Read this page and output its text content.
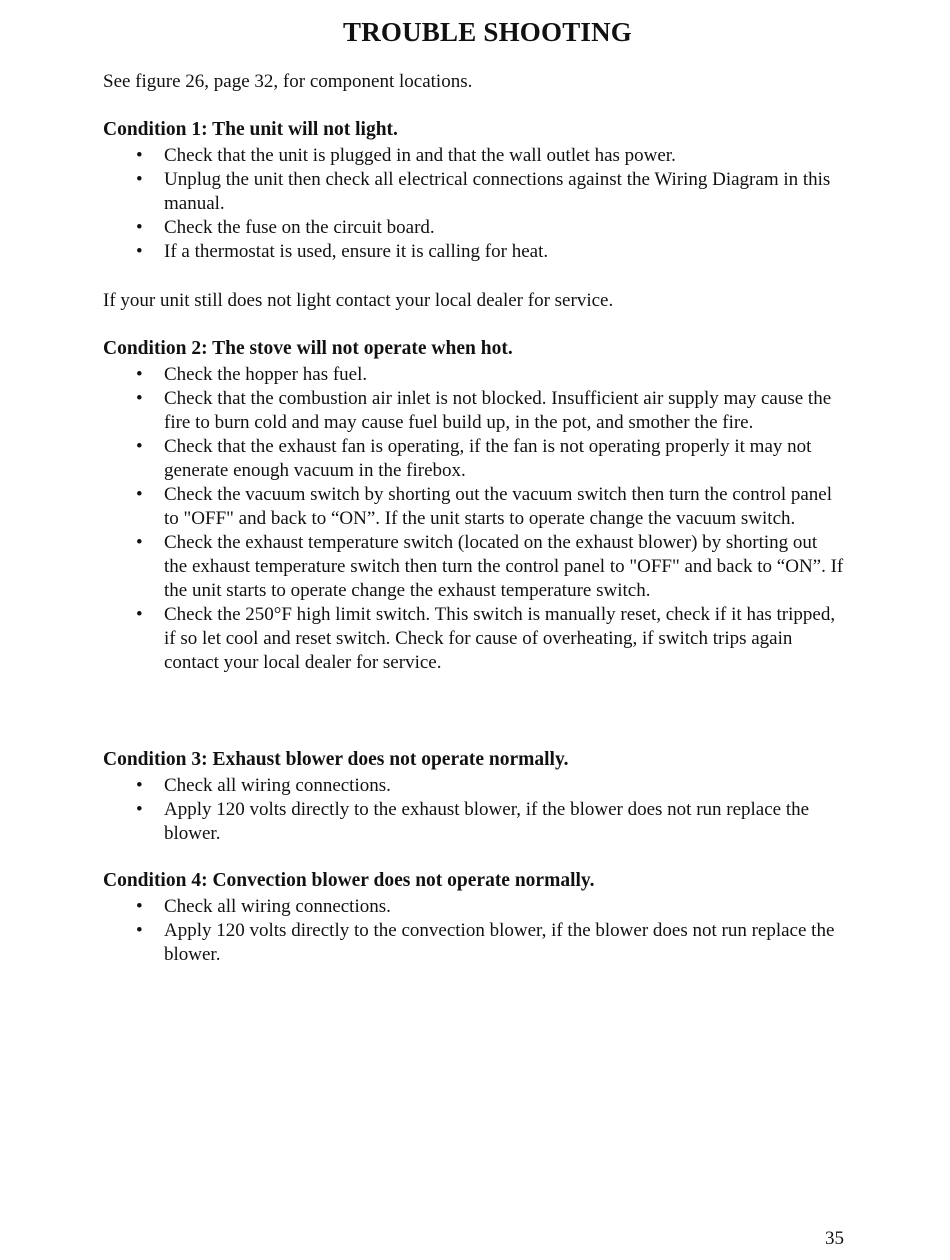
TROUBLE SHOOTING
See figure 26, page 32, for component locations.

Condition 1: The unit will not light.

• Check that the unit is plugged in and that the wall outlet has power.
• Unplug the unit then check all electrical connections against the Wiring Diagram in this manual.
• Check the fuse on the circuit board.
• If a thermostat is used, ensure it is calling for heat.
If your unit still does not light contact your local dealer for service.

Condition 2: The stove will not operate when hot.

• Check the hopper has fuel.
• Check that the combustion air inlet is not blocked. Insufficient air supply may cause the fire to burn cold and may cause fuel build up, in the pot, and smother the fire.
• Check that the exhaust fan is operating, if the fan is not operating properly it may not generate enough vacuum in the firebox.
• Check the vacuum switch by shorting out the vacuum switch then turn the control panel to "OFF" and back to “ON”. If the unit starts to operate change the vacuum switch.
• Check the exhaust temperature switch (located on the exhaust blower) by shorting out the exhaust temperature switch then turn the control panel to "OFF" and back to “ON”. If the unit starts to operate change the exhaust temperature switch.
• Check the 250°F high limit switch. This switch is manually reset, check if it has tripped, if so let cool and reset switch. Check for cause of overheating, if switch trips again contact your local dealer for service.

Condition 3: Exhaust blower does not operate normally.

• Check all wiring connections.
• Apply 120 volts directly to the exhaust blower, if the blower does not run replace the blower.

Condition 4: Convection blower does not operate normally.

• Check all wiring connections.
• Apply 120 volts directly to the convection blower, if the blower does not run replace the blower.
35
